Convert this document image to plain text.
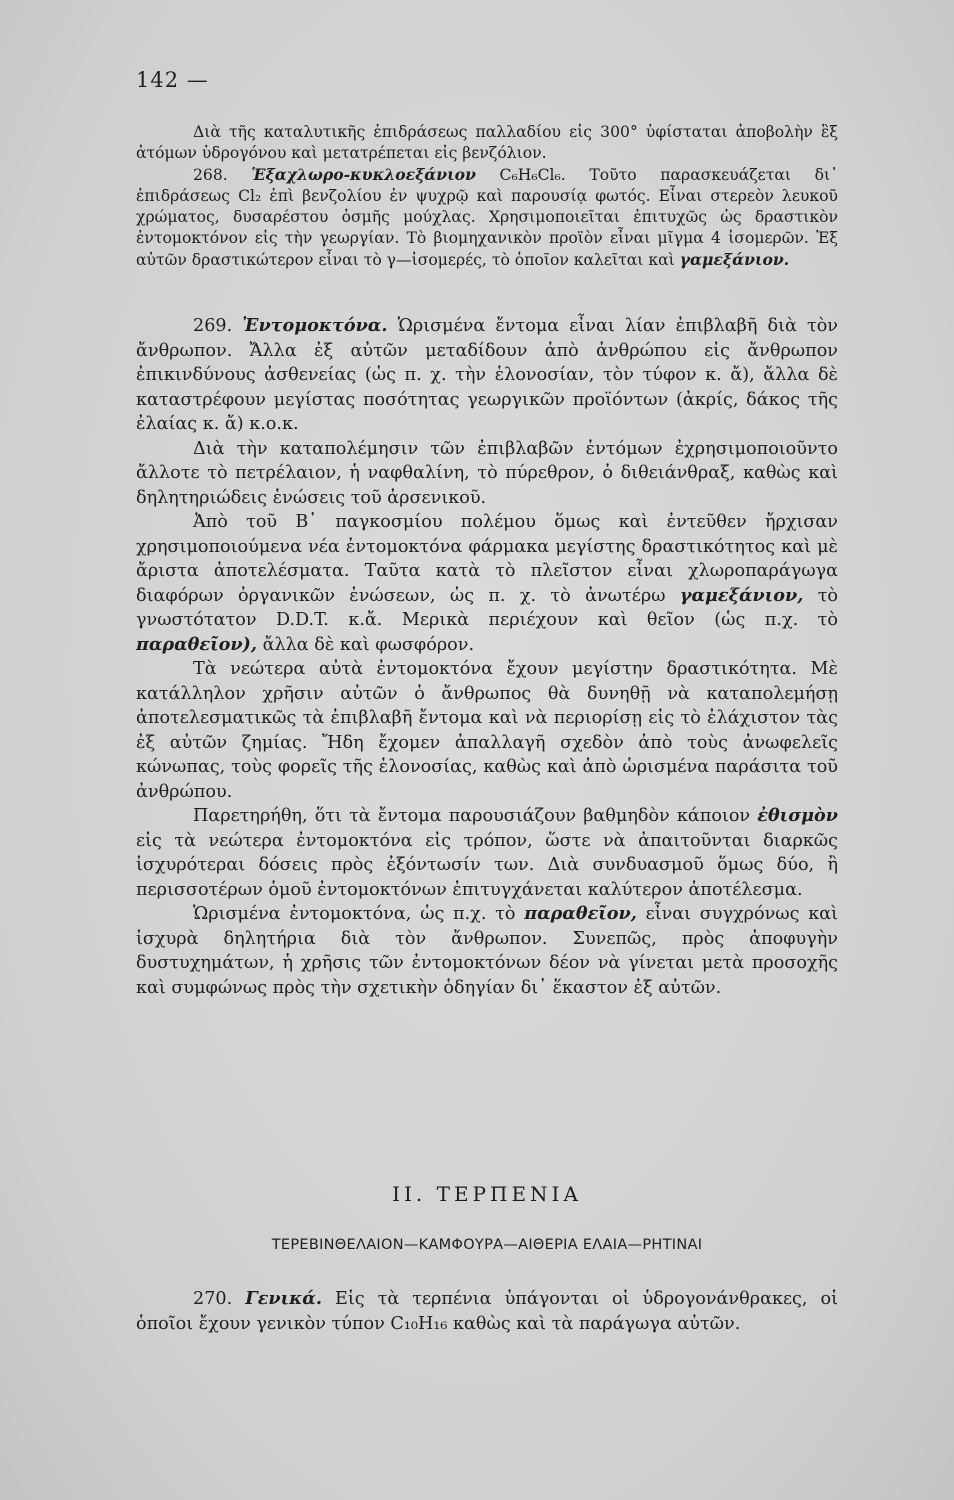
142 —

Διὰ τῆς καταλυτικῆς ἐπιδράσεως παλλαδίου εἰς 300° ὑφίσταται ἀποβολὴν ἓξ ἀτόμων ὑδρογόνου καὶ μετατρέπεται εἰς βενζόλιον.

268. Ἑξαχλωρο-κυκλοεξάνιον C₆H₆Cl₆. Τοῦτο παρασκευάζεται δι᾽ ἐπιδράσεως Cl₂ ἐπὶ βενζολίου ἐν ψυχρῷ καὶ παρουσίᾳ φωτός. Εἶναι στερεὸν λευκοῦ χρώματος, δυσαρέστου ὀσμῆς μούχλας. Χρησιμοποιεῖται ἐπιτυχῶς ὡς δραστικὸν ἐντομοκτόνον εἰς τὴν γεωργίαν. Τὸ βιομηχανικὸν προϊὸν εἶναι μῖγμα 4 ἰσομερῶν. Ἐξ αὐτῶν δραστικώτερον εἶναι τὸ γ—ἰσομερές, τὸ ὁποῖον καλεῖται καὶ γαμεξάνιον.

269. Ἐντομοκτόνα. Ὡρισμένα ἔντομα εἶναι λίαν ἐπιβλαβῆ διὰ τὸν ἄνθρωπον. Ἄλλα ἐξ αὐτῶν μεταδίδουν ἀπὸ ἀνθρώπου εἰς ἄνθρωπον ἐπικινδύνους ἀσθενείας (ὡς π. χ. τὴν ἑλονοσίαν, τὸν τύφον κ. ἄ), ἄλλα δὲ καταστρέφουν μεγίστας ποσότητας γεωργικῶν προϊόντων (ἀκρίς, δάκος τῆς ἐλαίας κ. ἄ) κ.ο.κ.

Διὰ τὴν καταπολέμησιν τῶν ἐπιβλαβῶν ἐντόμων ἐχρησιμοποιοῦντο ἄλλοτε τὸ πετρέλαιον, ἡ ναφθαλίνη, τὸ πύρεθρον, ὁ διθειάνθραξ, καθὼς καὶ δηλητηριώδεις ἑνώσεις τοῦ ἀρσενικοῦ.

Ἀπὸ τοῦ Β᾽ παγκοσμίου πολέμου ὅμως καὶ ἐντεῦθεν ἤρχισαν χρησιμοποιούμενα νέα ἐντομοκτόνα φάρμακα μεγίστης δραστικότητος καὶ μὲ ἄριστα ἀποτελέσματα. Ταῦτα κατὰ τὸ πλεῖστον εἶναι χλωροπαράγωγα διαφόρων ὀργανικῶν ἑνώσεων, ὡς π. χ. τὸ ἀνωτέρω γαμεξάνιον, τὸ γνωστότατον D.D.T. κ.ἄ. Μερικὰ περιέχουν καὶ θεῖον (ὡς π.χ. τὸ παραθεῖον), ἄλλα δὲ καὶ φωσφόρον.

Τὰ νεώτερα αὐτὰ ἐντομοκτόνα ἔχουν μεγίστην δραστικότητα. Μὲ κατάλληλον χρῆσιν αὐτῶν ὁ ἄνθρωπος θὰ δυνηθῇ νὰ καταπολεμήσῃ ἀποτελεσματικῶς τὰ ἐπιβλαβῆ ἔντομα καὶ νὰ περιορίσῃ εἰς τὸ ἐλάχιστον τὰς ἐξ αὐτῶν ζημίας. Ἤδη ἔχομεν ἀπαλλαγῆ σχεδὸν ἀπὸ τοὺς ἀνωφελεῖς κώνωπας, τοὺς φορεῖς τῆς ἑλονοσίας, καθὼς καὶ ἀπὸ ὡρισμένα παράσιτα τοῦ ἀνθρώπου.

Παρετηρήθη, ὅτι τὰ ἔντομα παρουσιάζουν βαθμηδὸν κάποιον ἐθισμὸν εἰς τὰ νεώτερα ἐντομοκτόνα εἰς τρόπον, ὥστε νὰ ἀπαιτοῦνται διαρκῶς ἰσχυρότεραι δόσεις πρὸς ἐξόντωσίν των. Διὰ συνδυασμοῦ ὅμως δύο, ἢ περισσοτέρων ὁμοῦ ἐντομοκτόνων ἐπιτυγχάνεται καλύτερον ἀποτέλεσμα.

Ὡρισμένα ἐντομοκτόνα, ὡς π.χ. τὸ παραθεῖον, εἶναι συγχρόνως καὶ ἰσχυρὰ δηλητήρια διὰ τὸν ἄνθρωπον. Συνεπῶς, πρὸς ἀποφυγὴν δυστυχημάτων, ἡ χρῆσις τῶν ἐντομοκτόνων δέον νὰ γίνεται μετὰ προσοχῆς καὶ συμφώνως πρὸς τὴν σχετικὴν ὁδηγίαν δι᾽ ἕκαστον ἐξ αὐτῶν.

ΙΙ. ΤΕΡΠΕΝΙΑ
ΤΕΡΕΒΙΝΘΕΛΑΙΟΝ—ΚΑΜΦΟΥΡΑ—ΑΙΘΕΡΙΑ ΕΛΑΙΑ—ΡΗΤΙΝΑΙ

270. Γενικά. Εἰς τὰ τερπένια ὑπάγονται οἱ ὑδρογονάνθρακες, οἱ ὁποῖοι ἔχουν γενικὸν τύπον C₁₀H₁₆ καθὼς καὶ τὰ παράγωγα αὐτῶν.
